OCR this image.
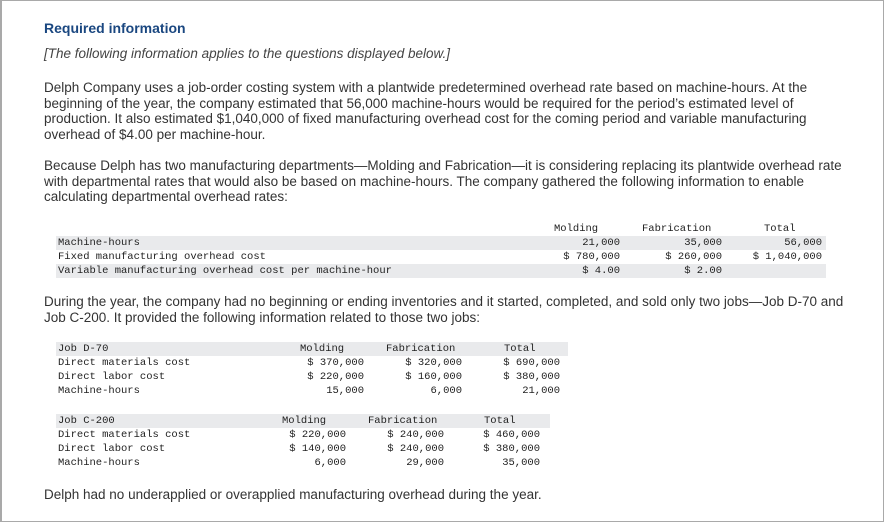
Required information
[The following information applies to the questions displayed below.]
Delph Company uses a job-order costing system with a plantwide predetermined overhead rate based on machine-hours. At the beginning of the year, the company estimated that 56,000 machine-hours would be required for the period’s estimated level of production. It also estimated $1,040,000 of fixed manufacturing overhead cost for the coming period and variable manufacturing overhead of $4.00 per machine-hour.
Because Delph has two manufacturing departments—Molding and Fabrication—it is considering replacing its plantwide overhead rate with departmental rates that would also be based on machine-hours. The company gathered the following information to enable calculating departmental overhead rates:
During the year, the company had no beginning or ending inventories and it started, completed, and sold only two jobs—Job D-70 and Job C-200. It provided the following information related to those two jobs:
Delph had no underapplied or overapplied manufacturing overhead during the year.
Molding	Fabrication	Total
Machine-hours	21,000	35,000	56,000
Fixed manufacturing overhead cost	$ 780,000	$ 260,000	$ 1,040,000
Variable manufacturing overhead cost per machine-hour	$ 4.00	$ 2.00
Job D-70	Molding	Fabrication	Total
Direct materials cost	$ 370,000	$ 320,000	$ 690,000
Direct labor cost	$ 220,000	$ 160,000	$ 380,000
Machine-hours	15,000	6,000	21,000
Job C-200	Molding	Fabrication	Total
Direct materials cost	$ 220,000	$ 240,000	$ 460,000
Direct labor cost	$ 140,000	$ 240,000	$ 380,000
Machine-hours	6,000	29,000	35,000
